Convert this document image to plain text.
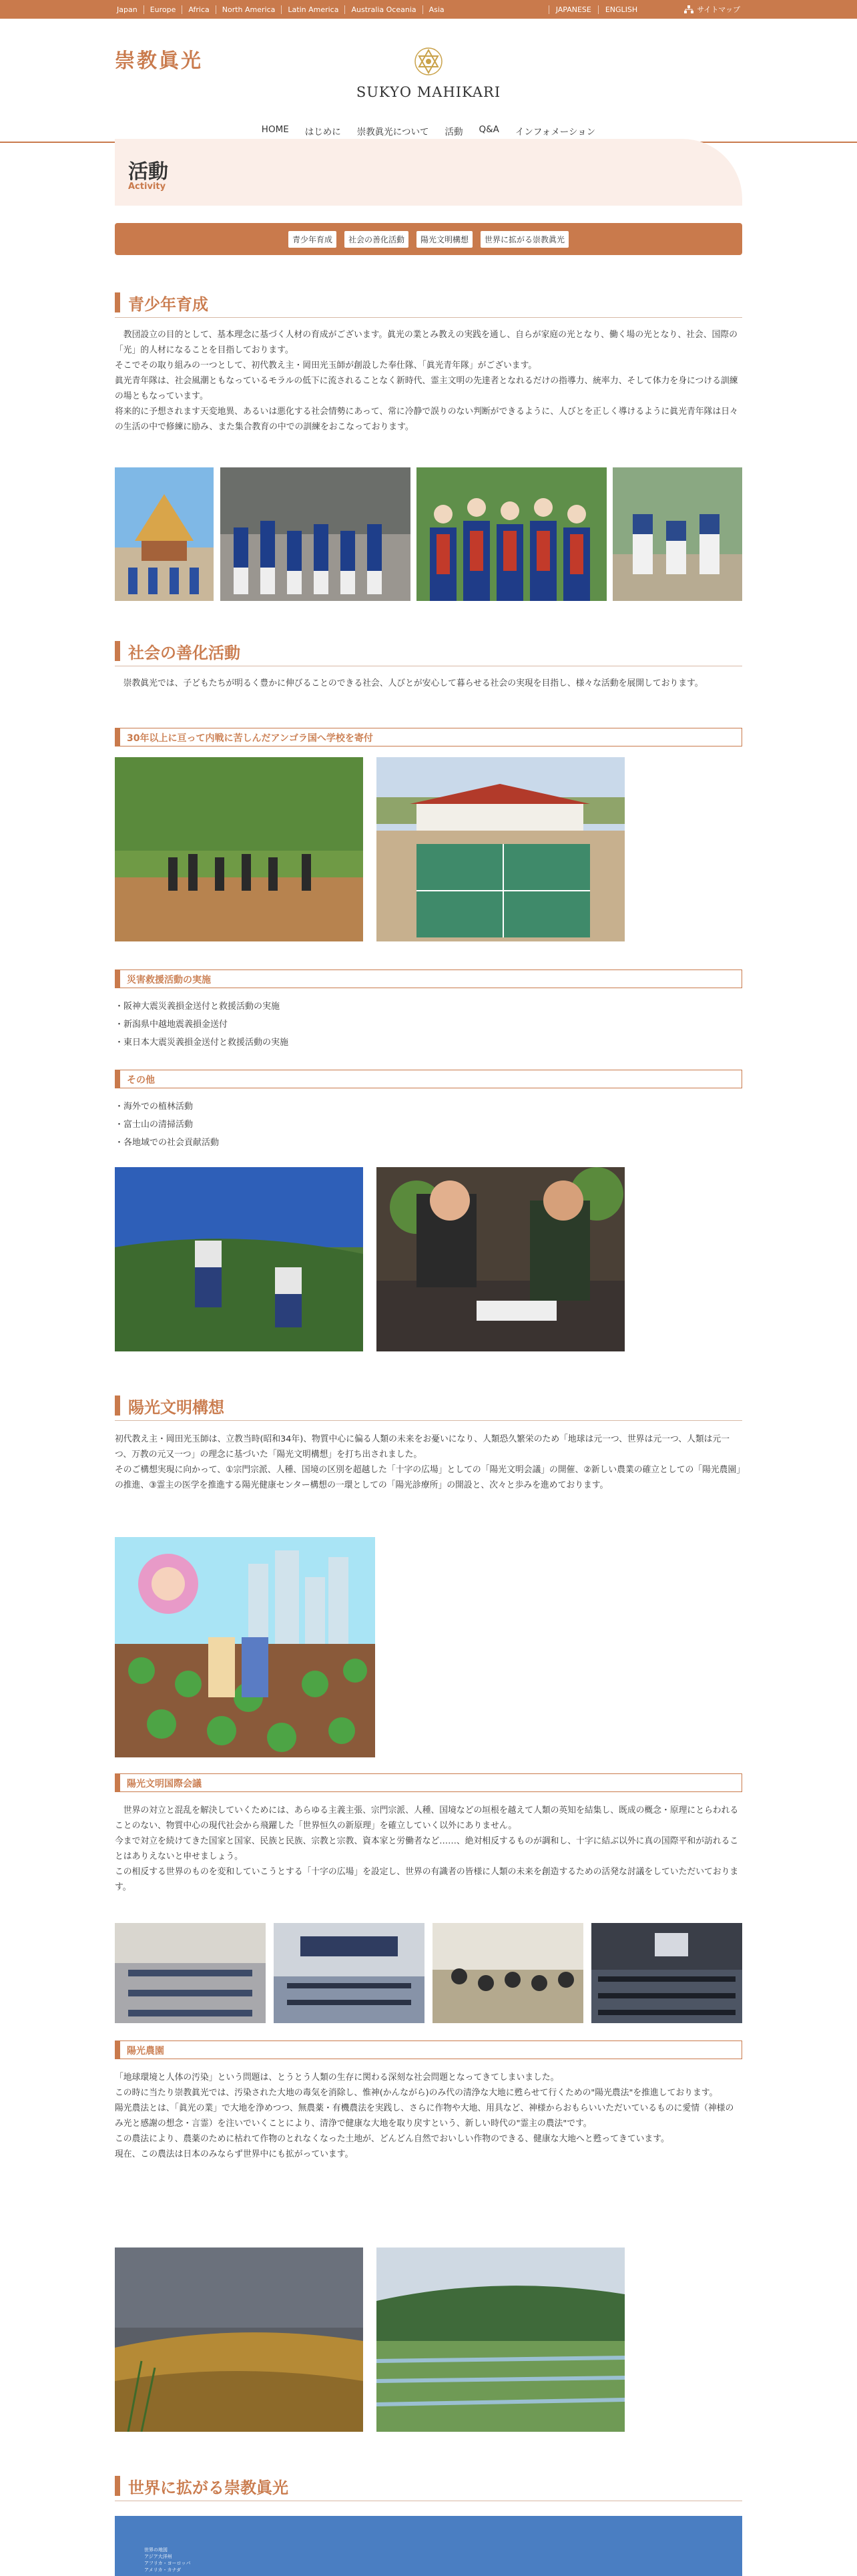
Japan	Europe	Africa	North America	Latin America	Australia Oceania	Asia	JAPANESE	ENGLISH	サイトマップ
崇教眞光
SUKYO MAHIKARI
HOME	はじめに	崇教眞光について	活動	Q&A	インフォメーション
活動
Activity
青少年育成	社会の善化活動	陽光文明構想	世界に拡がる崇教眞光
青少年育成

　教団設立の目的として、基本理念に基づく人材の育成がございます。眞光の業とみ教えの実践を通し、自らが家庭の光となり、働く場の光となり、社会、国際の「光」的人材になることを目指しております。

そこでその取り組みの一つとして、初代教え主・岡田光玉師が創設した奉仕隊、「眞光青年隊」がございます。

眞光青年隊は、社会風潮ともなっているモラルの低下に流されることなく新時代、霊主文明の先達者となれるだけの指導力、統率力、そして体力を身につける訓練の場ともなっています。

将来的に予想されます天変地異、あるいは悪化する社会情勢にあって、常に冷静で誤りのない判断ができるように、人びとを正しく導けるように眞光青年隊は日々の生活の中で修練に励み、また集合教育の中での訓練をおこなっております。

社会の善化活動

　崇教眞光では、子どもたちが明るく豊かに伸びることのできる社会、人びとが安心して暮らせる社会の実現を目指し、様々な活動を展開しております。

30年以上に亘って内戦に苦しんだアンゴラ国へ学校を寄付
災害救援活動の実施
・阪神大震災義損金送付と救援活動の実施
・新潟県中越地震義損金送付
・東日本大震災義損金送付と救援活動の実施
その他
・海外での植林活動
・富士山の清掃活動
・各地域での社会貢献活動
陽光文明構想

初代教え主・岡田光玉師は、立教当時(昭和34年)、物質中心に偏る人類の未来をお憂いになり、人類恐久繁栄のため「地球は元一つ、世界は元一つ、人類は元一つ、万教の元又一つ」の理念に基づいた「陽光文明構想」を打ち出されました。

そのご構想実現に向かって、①宗門宗派、人種、国境の区別を超越した「十字の広場」としての「陽光文明会議」の開催、②新しい農業の確立としての「陽光農園」の推進、③霊主の医学を推進する陽光健康センター構想の一環としての「陽光診療所」の開設と、次々と歩みを進めております。

陽光文明国際会議

　世界の対立と混乱を解決していくためには、あらゆる主義主張、宗門宗派、人種、国境などの垣根を越えて人類の英知を結集し、既成の概念・原理にとらわれることのない、物質中心の現代社会から飛躍した「世界恒久の新原理」を確立していく以外にありません。

今まで対立を続けてきた国家と国家、民族と民族、宗教と宗教、資本家と労働者など……、絶対相反するものが調和し、十字に結ぶ以外に真の国際平和が訪れることはありえないと申せましょう。

この相反する世界のものを変和していこうとする「十字の広場」を設定し、世界の有識者の皆様に人類の未来を創造するための活発な討議をしていただいております。

陽光農園

「地球環境と人体の汚染」という問題は、とうとう人類の生存に関わる深刻な社会問題となってきてしまいました。

この時に当たり崇教眞光では、汚染された大地の毒気を消除し、惟神(かんながら)のみ代の清浄な大地に甦らせて行くための"陽光農法"を推進しております。

陽光農法とは、「眞光の業」で大地を浄めつつ、無農薬・有機農法を実践し、さらに作物や大地、用具など、神様からおもらいいただいているものに愛情（神様のみ光と感謝の想念・言霊）を注いでいくことにより、清浄で健康な大地を取り戻すという、新しい時代の"霊主の農法"です。

この農法により、農薬のために枯れて作物のとれなくなった土地が、どんどん自然でおいしい作物のできる、健康な大地へと甦ってきています。

現在、この農法は日本のみならず世界中にも拡がっています。

世界に拡がる崇教眞光
世界の地図
アジア大洋州
アフリカ・ヨーロッパ
アメリカ・カナダ
